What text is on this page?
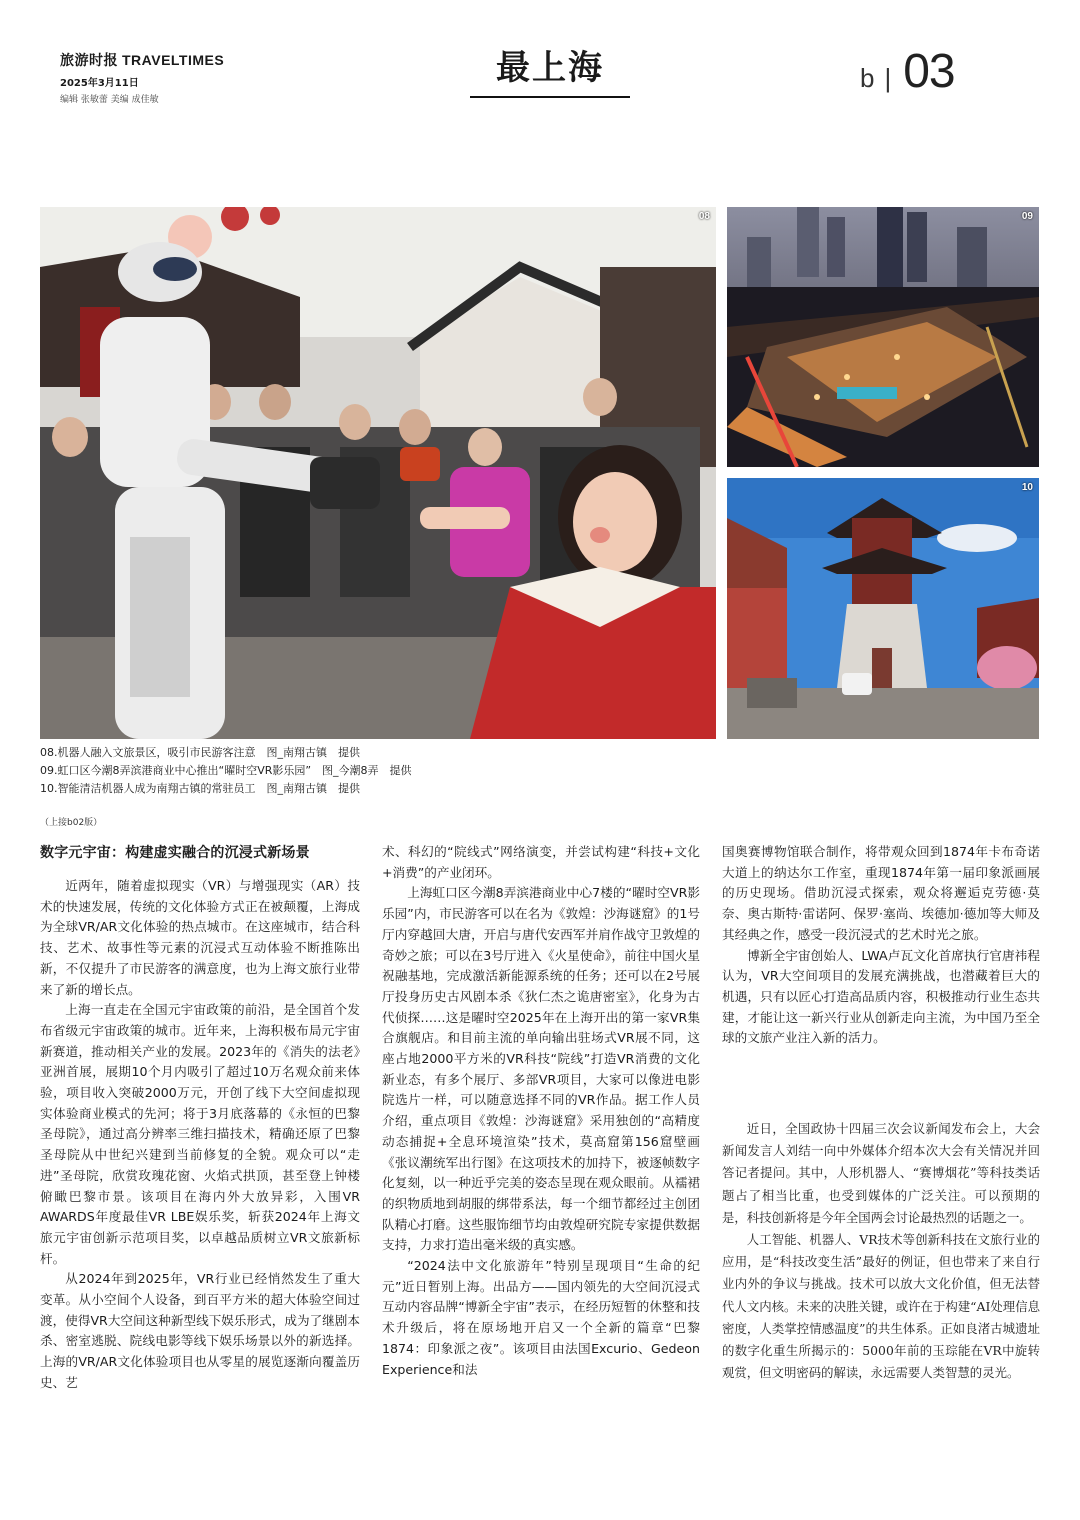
旅游时报 TRAVELTIMES
2025年3月11日
编辑 张敏蕾 美编 成佳敏
最上海	b | 03
08	09
10
08.机器人融入文旅景区，吸引市民游客注意　图_南翔古镇　提供
09.虹口区今潮8弄滨港商业中心推出“曜时空VR影乐园”　图_今潮8弄　提供
10.智能清洁机器人成为南翔古镇的常驻员工　图_南翔古镇　提供
（上接b02版）
数字元宇宙：构建虚实融合的沉浸式新场景

近两年，随着虚拟现实（VR）与增强现实（AR）技术的快速发展，传统的文化体验方式正在被颠覆，上海成为全球VR/AR文化体验的热点城市。在这座城市，结合科技、艺术、故事性等元素的沉浸式互动体验不断推陈出新，不仅提升了市民游客的满意度，也为上海文旅行业带来了新的增长点。

上海一直走在全国元宇宙政策的前沿，是全国首个发布省级元宇宙政策的城市。近年来，上海积极布局元宇宙新赛道，推动相关产业的发展。2023年的《消失的法老》亚洲首展，展期10个月内吸引了超过10万名观众前来体验，项目收入突破2000万元，开创了线下大空间虚拟现实体验商业模式的先河；将于3月底落幕的《永恒的巴黎圣母院》，通过高分辨率三维扫描技术，精确还原了巴黎圣母院从中世纪兴建到当前修复的全貌。观众可以“走进”圣母院，欣赏玫瑰花窗、火焰式拱顶，甚至登上钟楼俯瞰巴黎市景。该项目在海内外大放异彩，入围VR AWARDS年度最佳VR LBE娱乐奖，斩获2024年上海文旅元宇宙创新示范项目奖，以卓越品质树立VR文旅新标杆。

从2024年到2025年，VR行业已经悄然发生了重大变革。从小空间个人设备，到百平方米的超大体验空间过渡，使得VR大空间这种新型线下娱乐形式，成为了继剧本杀、密室逃脱、院线电影等线下娱乐场景以外的新选择。上海的VR/AR文化体验项目也从零星的展览逐渐向覆盖历史、艺

术、科幻的“院线式”网络演变，并尝试构建“科技+文化+消费”的产业闭环。

上海虹口区今潮8弄滨港商业中心7楼的“曜时空VR影乐园”内，市民游客可以在名为《敦煌：沙海谜窟》的1号厅内穿越回大唐，开启与唐代安西军并肩作战守卫敦煌的奇妙之旅；可以在3号厅进入《火星使命》，前往中国火星祝融基地，完成激活新能源系统的任务；还可以在2号展厅投身历史古风剧本杀《狄仁杰之诡唐密室》，化身为古代侦探……这是曜时空2025年在上海开出的第一家VR集合旗舰店。和目前主流的单向输出驻场式VR展不同，这座占地2000平方米的VR科技“院线”打造VR消费的文化新业态，有多个展厅、多部VR项目，大家可以像进电影院选片一样，可以随意选择不同的VR作品。据工作人员介绍，重点项目《敦煌：沙海谜窟》采用独创的“高精度动态捕捉+全息环境渲染”技术，莫高窟第156窟壁画《张议潮统军出行图》在这项技术的加持下，被逐帧数字化复刻，以一种近乎完美的姿态呈现在观众眼前。从襦裙的织物质地到胡服的绑带系法，每一个细节都经过主创团队精心打磨。这些服饰细节均由敦煌研究院专家提供数据支持，力求打造出毫米级的真实感。

“2024法中文化旅游年”特别呈现项目“生命的纪元”近日暂别上海。出品方——国内领先的大空间沉浸式互动内容品牌“博新全宇宙”表示，在经历短暂的休整和技术升级后，将在原场地开启又一个全新的篇章“巴黎1874：印象派之夜”。该项目由法国Excurio、Gedeon Experience和法

国奥赛博物馆联合制作，将带观众回到1874年卡布奇诺大道上的纳达尔工作室，重现1874年第一届印象派画展的历史现场。借助沉浸式探索，观众将邂逅克劳德·莫奈、奥古斯特·雷诺阿、保罗·塞尚、埃德加·德加等大师及其经典之作，感受一段沉浸式的艺术时光之旅。

博新全宇宙创始人、LWA卢瓦文化首席执行官唐祎程认为，VR大空间项目的发展充满挑战，也潜藏着巨大的机遇，只有以匠心打造高品质内容，积极推动行业生态共建，才能让这一新兴行业从创新走向主流，为中国乃至全球的文旅产业注入新的活力。

近日，全国政协十四届三次会议新闻发布会上，大会新闻发言人刘结一向中外媒体介绍本次大会有关情况并回答记者提问。其中，人形机器人、“赛博烟花”等科技类话题占了相当比重，也受到媒体的广泛关注。可以预期的是，科技创新将是今年全国两会讨论最热烈的话题之一。

人工智能、机器人、VR技术等创新科技在文旅行业的应用，是“科技改变生活”最好的例证，但也带来了来自行业内外的争议与挑战。技术可以放大文化价值，但无法替代人文内核。未来的决胜关键，或许在于构建“AI处理信息密度，人类掌控情感温度”的共生体系。正如良渚古城遗址的数字化重生所揭示的：5000年前的玉琮能在VR中旋转观赏，但文明密码的解读，永远需要人类智慧的灵光。
